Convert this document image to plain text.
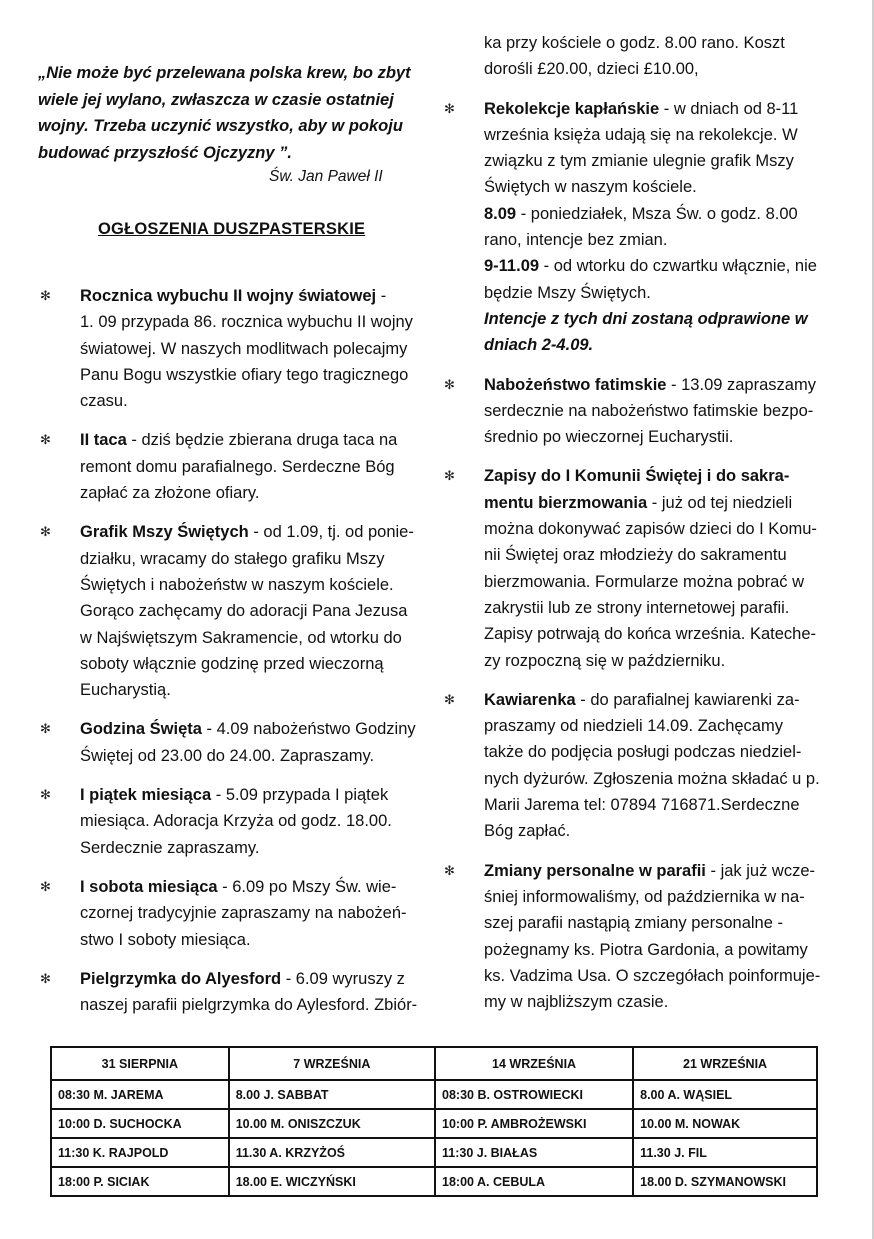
„Nie może być przelewana polska krew, bo zbyt
wiele jej wylano, zwłaszcza w czasie ostatniej
wojny. Trzeba uczynić wszystko, aby w pokoju
budować przyszłość Ojczyzny ”.

Św. Jan Paweł II
OGŁOSZENIA DUSZPASTERSKIE
✻	Rocznica wybuchu II wojny światowej -
1. 09 przypada 86. rocznica wybuchu II wojny
światowej. W naszych modlitwach polecajmy
Panu Bogu wszystkie ofiary tego tragicznego
czasu.

✻	II taca - dziś będzie zbierana druga taca na
remont domu parafialnego. Serdeczne Bóg
zapłać za złożone ofiary.

✻	Grafik Mszy Świętych - od 1.09, tj. od ponie-
działku, wracamy do stałego grafiku Mszy
Świętych i nabożeństw w naszym kościele.
Gorąco zachęcamy do adoracji Pana Jezusa
w Najświętszym Sakramencie, od wtorku do
soboty włącznie godzinę przed wieczorną
Eucharystią.

✻	Godzina Święta - 4.09 nabożeństwo Godziny
Świętej od 23.00 do 24.00. Zapraszamy.

✻	I piątek miesiąca - 5.09 przypada I piątek
miesiąca. Adoracja Krzyża od godz. 18.00.
Serdecznie zapraszamy.

✻	I sobota miesiąca - 6.09 po Mszy Św. wie-
czornej tradycyjnie zapraszamy na nabożeń-
stwo I soboty miesiąca.

✻	Pielgrzymka do Alyesford - 6.09 wyruszy z
naszej parafii pielgrzymka do Aylesford. Zbiór-

ka przy kościele o godz. 8.00 rano. Koszt
dorośli £20.00, dzieci £10.00,

✻	Rekolekcje kapłańskie - w dniach od 8-11
września księża udają się na rekolekcje. W
związku z tym zmianie ulegnie grafik Mszy
Świętych w naszym kościele.
8.09 - poniedziałek, Msza Św. o godz. 8.00
rano, intencje bez zmian.
9-11.09 - od wtorku do czwartku włącznie, nie
będzie Mszy Świętych.
Intencje z tych dni zostaną odprawione w
dniach 2-4.09.

✻	Nabożeństwo fatimskie - 13.09 zapraszamy
serdecznie na nabożeństwo fatimskie bezpo-
średnio po wieczornej Eucharystii.

✻	Zapisy do I Komunii Świętej i do sakra-
mentu bierzmowania - już od tej niedzieli
można dokonywać zapisów dzieci do I Komu-
nii Świętej oraz młodzieży do sakramentu
bierzmowania. Formularze można pobrać w
zakrystii lub ze strony internetowej parafii.
Zapisy potrwają do końca września. Kateche-
zy rozpoczną się w październiku.

✻	Kawiarenka - do parafialnej kawiarenki za-
praszamy od niedzieli 14.09. Zachęcamy
także do podjęcia posługi podczas niedziel-
nych dyżurów. Zgłoszenia można składać u p.
Marii Jarema tel: 07894 716871.Serdeczne
Bóg zapłać.

✻	Zmiany personalne w parafii - jak już wcze-
śniej informowaliśmy, od października w na-
szej parafii nastąpią zmiany personalne -
pożegnamy ks. Piotra Gardonia, a powitamy
ks. Vadzima Usa. O szczegółach poinformuje-
my w najbliższym czasie.

31 SIERPNIA	7 WRZEŚNIA	14 WRZEŚNIA	21 WRZEŚNIA
08:30 M. JAREMA	8.00 J. SABBAT	08:30 B. OSTROWIECKI	8.00 A. WĄSIEL
10:00 D. SUCHOCKA	10.00 M. ONISZCZUK	10:00 P. AMBROŻEWSKI	10.00 M. NOWAK
11:30 K. RAJPOLD	11.30 A. KRZYŻOŚ	11:30 J. BIAŁAS	11.30 J. FIL
18:00 P. SICIAK	18.00 E. WICZYŃSKI	18:00 A. CEBULA	18.00 D. SZYMANOWSKI
